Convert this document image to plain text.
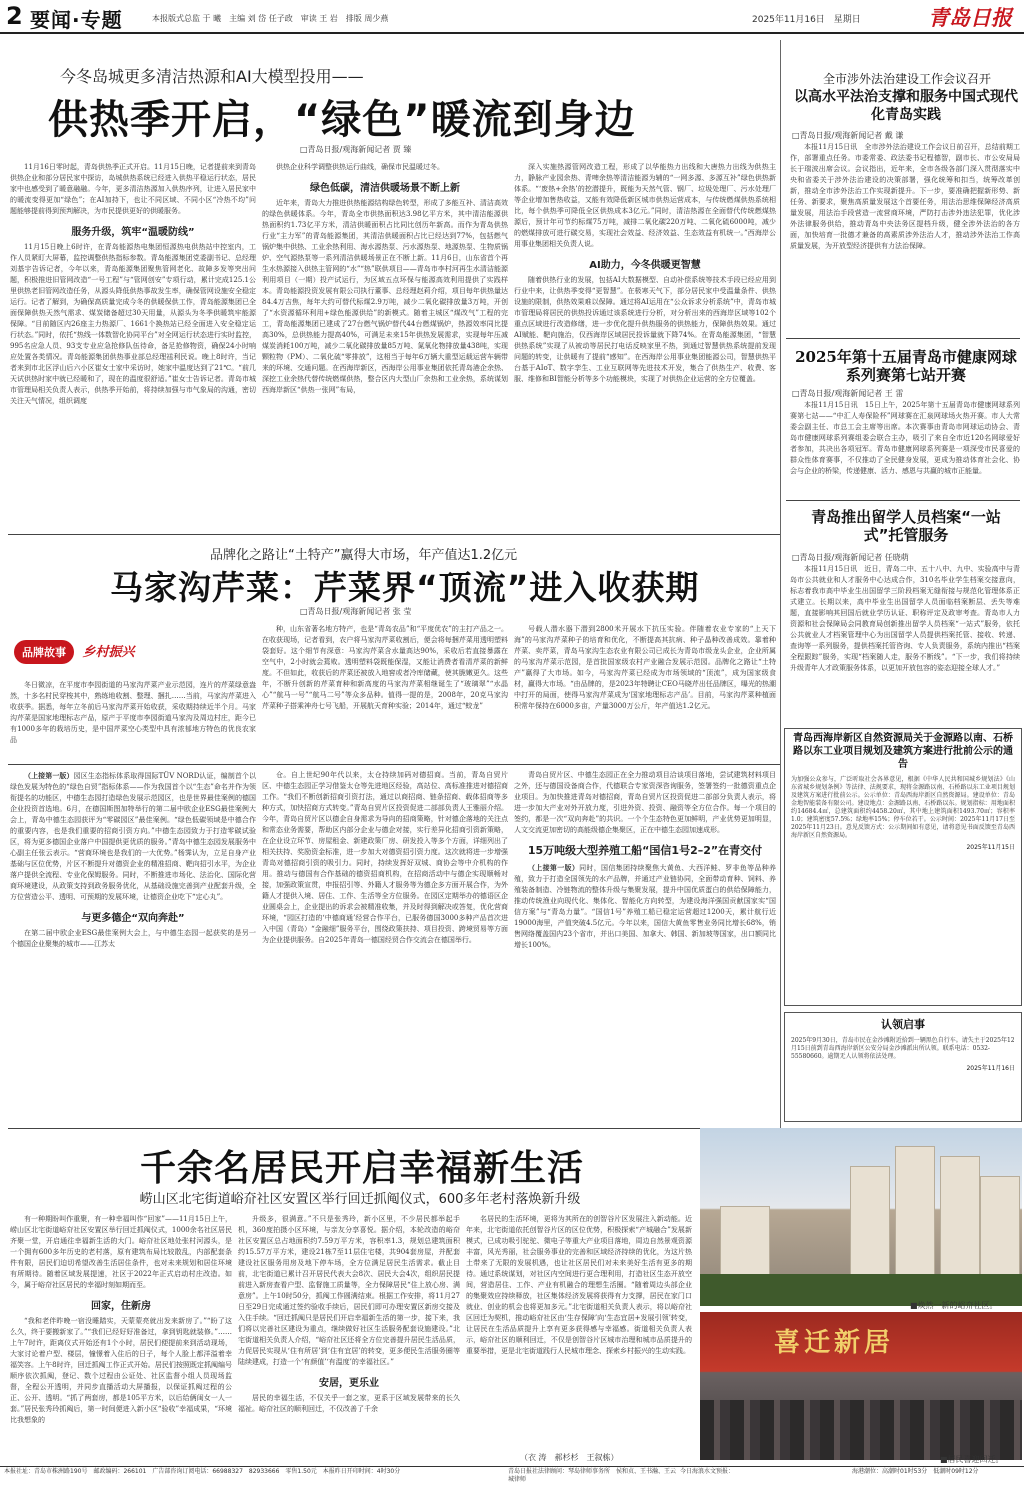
2 要闻·专题	本报版式总监 于 曦　主编 刘 岱 任子政　审读 王 岩　排版 周少燕	2025年11月16日　星期日	青岛日报
今冬岛城更多清洁热源和AI大模型投用——
供热季开启，“绿色”暖流到身边
□青岛日报/观海新闻记者 贾 臻

11月16日零时起，青岛供热季正式开启。11月15日晚，记者提前来到青岛供热企业和部分居民家中探访，岛城供热系统已经进入供热平稳运行状态，居民家中也感受到了暖意融融。今年，更多清洁热源加入供热序列，让进入居民家中的暖流变得更加“绿色”；在AI加持下，也让不同区域、不同小区“冷热不均”问题能够提前得到预判解决，为市民提供更好的供暖服务。

服务升级，筑牢“温暖防线”

11月15日晚上6时许，在青岛能源热电集团恒源热电供热站中控室内，工作人员紧盯大屏幕，监控调整供热指标参数。青岛能源集团党委副书记、总经理刘基宇告诉记者，今年以来，青岛能源集团聚焦管网老化、故障多发等突出问题，积极推进旧管网改造“一号工程”与“管网创安”专项行动，累计完成125.1公里供热老旧管网改造任务，从源头降低供热事故发生率，确保管网设施安全稳定运行。记者了解到，为确保高质量完成今冬的供暖保供工作，青岛能源集团已全面保障供热天然气需求、煤炭储备超过30天用量，从源头为冬季供暖筑牢能源保障。“目前随区内26座主力热源厂、1661个换热站已经全面进入安全稳定运行状态。”同时，依托“热线一体数智化协同平台”对全网运行状态进行实时监控，995名应急人员、93支专业应急抢修队伍待命，备足抢修物资，确保24小时响应处置各类情况。青岛能源集团供热事业部总经理禚利民说。晚上8时许，当记者来到市北区浮山后六小区崔女士家中采访时，她家中温度达到了21℃。“前几天试供热时家中就已经暖和了，现在的温度很舒适。”崔女士告诉记者。青岛市城市管理局相关负责人表示，供热季开始前，将持续加强与市气象局的沟通，密切关注天气情况，组织调度

供热企业科学调整供热运行曲线，确保市民温暖过冬。

绿色低碳，清洁供暖场景不断上新

近年来，青岛大力推进供热能源结构绿色转型，形成了多能互补、清洁高效的绿色供暖体系。今年，青岛全市供热面积达3.98亿平方米，其中清洁能源供热面积约1.73亿平方米，清洁供暖面积占比同比创历年新高。而作为青岛供热行业“主力军”的青岛能源集团，其清洁供暖面积占比已经达到77%，包括燃气锅炉集中供热、工业余热利用、海水源热泵、污水源热泵、地源热泵、生物质锅炉、空气源热泵等一系列清洁供暖场景正在不断上新。11月6日，山东省首个再生水热源接入供热主管网的“水”“热”联供项目——青岛市李村河再生水清洁能源利用项目（一期）投产试运行，为区域五点环保与能源高效利用提供了实践样本。青岛能源投资发展有限公司执行董事、总经理赵莉介绍，项目每年供热量达84.4万吉焦，每年大约可替代标煤2.9万吨，减少二氧化碳排放量3万吨，开创了“水资源循环利用+绿色能源供给”的新模式。随着主城区“煤改气”工程的完工，青岛能源集团已建成了27台燃气锅炉替代44台燃煤锅炉，热源效率同比提高30%，总供热能力提高40%，可满足未来15年供热发展需求，实现每年压减煤炭消耗100万吨，减少二氧化碳排放量85万吨、氮氧化物排放量438吨，实现颗粒物（PM）、二氧化硫“零排放”，这相当于每年6万辆大重型运载运营车辆带来的环境、交通问题。在西海岸新区，西海岸公用事业集团依托青岛港企余热、深挖工业余热代替传统燃煤供热，整合区内大型山厂余热和工业余热，系统谋划西海岸新区“供热一张网”布局，

深入实施热源管网改造工程，形成了以华能热力出线和大唐热力出线为供热主力，静脉产业园余热、青啤余热等清洁能源为辅的“一网多源、多源互补”绿色供热新体系。“‘废热+余热’的挖潜提升，既能为天然气管、钢厂、垃圾处理厂、污水处理厂等企业增加售热收益，又能有效降低新区城市供热运营成本，与传统燃煤供热系统相比，每个供热季可降低全区供热成本3亿元。”同时，清洁热源在全面替代传统燃煤热源后，预计年可节约标煤75万吨，减排二氧化碳220万吨、二氧化硫6000吨，减少的燃煤排放可进行碳交易，实现社会效益、经济效益、生态效益有机统一。”西海岸公用事业集团相关负责人说。

AI助力，今冬供暖更智慧

随着供热行业的发展，包括AI大数据模型、自动补偿系统等技术手段已经应用到行业中来，让供热季变得“更智慧”。在极寒天气下，部分居民家中受温量条件、供热设施的限制，供热效果难以保障。通过将AI运用在“公众诉求分析系统”中，青岛市城市管理局将居民的供热投诉通过该系统进行分析，对分析出来的西海岸区域等102个重点区域进行改造修缮，进一步优化提升供热服务的供热能力，保障供热效果。通过AI赋能、靶向施治，仅西海岸区域居民投诉量就下降74%。在青岛能源集团，“智慧供热系统”实现了从被动等居民打电话反映家里不热，到通过智慧供热系统提前发现问题的转变，让供暖有了提前“感知”。在西海岸公用事业集团能源公司，智慧供热平台基于AIoT、数字孪生、工业互联网等先进技术开发，集合了供热生产、收费、客服、维修和BI智能分析等多个功能模块，实现了对供热企业运营的全方位覆盖。

品牌化之路让“土特产”赢得大市场，年产值达1.2亿元
马家沟芹菜：芹菜界“顶流”进入收获期
□青岛日报/观海新闻记者 张 莹
品牌故事 乡村振兴

冬日微凉，在平度市李园街道的马家沟芹菜产业示范园，连片的芹菜绿意盎然，十多名村民穿梭其中，熟练地收割、整理、捆扎……当前，马家沟芹菜进入收获季。据悉，每年立冬前后马家沟芹菜开始收获，采收期持续近半个月。马家沟芹菜是国家地理标志产品，原产于平度市李园街道马家沟及周边村庄，距今已有1000多年的栽培历史，是中国芹菜空心类型中具有浓郁地方特色的优良农家品

种，山东省著名地方特产，也是“青岛农品”和“平度优农”的主打产品之一。在收获现场，记者看到，农户将马家沟芹菜收割后，便会将每捆芹菜用透明塑料袋套好。这个细节有深意：马家沟芹菜含水量高达90%，采收后若直接暴露在空气中，2小时就会蔫败。透明塑料袋既能保湿，又能让消费者看清芹菜的新鲜度。不但如此，收获后的芹菜还被放入地窖或者冷库储藏，使其脆嫩更久。这些年，不断升创新的芹菜育种和新高度的马家沟芹菜相继诞生了“玻璃翠”“水晶心”“航马一号”“航马二号”等众多品种。值得一提的是，2008年，20克马家沟芹菜种子搭乘神舟七号飞船，开展航天育种实验；2014年，通过“蛟龙”

号载人潜水器下潜到2800米开展水下抗压实验。伴随着农业专家的“上天下海”的马家沟芹菜种子的培育和优化，不断提高其抗病、种子晶种改善成效。靠着种芹菜、卖芹菜，青岛马家沟生态农业有限公司已成长为青岛市级龙头企业，企业所属的马家沟芹菜示范园，是首批国家级农村产业融合发展示范园。品牌化之路让“土特产”赢得了大市场。如今，马家沟芹菜已经成为市场领域的“顶流”，成为国家级食材，赢得大市场。“由品牌的，是2023年特聘让CEO马晓芹出任品牌区，曝光的热潮中打开的局面，使得马家沟芹菜成为‘国家地理标志产品’。目前，马家沟芹菜种植面积常年保持在6000多亩，产量3000万公斤，年产值达1.2亿元。

（上接第一版）园区生态指标体系取得国际TÜV NORD认证，编制首个以绿色发展为特色的“绿色自贸”指标体系——作为我国首个以“生态”命名并作为领衔提名的功能区，中德生态园打造绿色发展示范园区，也是世界最佳案例的德国企业投资首选地。6月，在德国斯图加特举行的第二届中欧企业ESG最佳案例大会上，青岛中德生态园获评为“零碳园区”最佳案例。“绿色低碳领域是中德合作的重要内容，也是我们重要的招商引资方向。”中德生态园致力于打造零碳试验区，将为更多德国企业落户中国提供更优质的服务。”青岛中德生态园发展服务中心副主任张云表示。“营商环境也是我们的一大优势。”杨霁认为，立足自身产业基础与区位优势，片区不断提升对德资企业的精准招商、靶向招引水平，为企业落户提供全流程、专业化保姆服务。同时，不断推进市场化、法治化、国际化营商环境建设，从政策支持到政务服务优化，从基础设施完善到产业配套升级，全方位营造公平、透明、可预期的发展环境，让德资企业吃下“定心丸”。

与更多德企“双向奔赴”

在第二届中欧企业ESG最佳案例大会上，与中德生态园一起获奖的是另一个德国企业聚集的城市——江苏太

仓。自上世纪90年代以来，太仓持续加码对德招商。当前，青岛自贸片区、中德生态园正学习借鉴太仓等先进地区经验，高站位、高标准推进对德招商工作。“我们不断创新招商引资打法，通过以商招商、链条招商、载体招商等多种方式，加快招商方式转变。”青岛自贸片区投资促进二部部负责人王雅丽介绍。今年，青岛自贸片区以德企自身需求为导向的招商策略，针对德企落地的关注点和常态业务需要，帮助区内部分企业与德企对接，实行差异化招商引资新策略，在企业设立环节、房屋租金、新建政策厂房、研发投入等多个方面，详细列出了相关扶持、奖励资金标准，进一步加大对德资招引资力度。这次就将进一步增强青岛对德招商引资的吸引力。同时，持续发挥好双城、商协会等中介机构的作用。推动与德国有合作基础的德资招商机构，在招商活动中与德企实现顺畅对接，加强政策宣贯，申报招引等、外籍人才服务等为德企多方面开展合作，为外籍人才提供入境、居住、工作、生活等全方位服务。在园区定期举办的德语区企业圆桌会上，企业提出的诉求会被精准收集，并及时得到解决或答复，优化营商环境，“园区打造的‘中德商通’经营合作平台，已服务德国3000多种产品首次进入中国（青岛）“金融细”服务平台，围绕政策扶持、项目投资、跨境贸易等方面为企业提供服务。自2025年青岛一德国经贸合作交流会在德国举行。

青岛自贸片区、中德生态园正在全力推动项目洽谈项目落地，尝试建筑材料项目之外，还与德国设备商合作，代德联合专家资深咨询服务，签署签约一批德资重点企业项目。为加快推进青岛对德招商，青岛自贸片区投资促进二部部分负责人表示，将进一步加大产业对外开放力度，引进外资、投资、融资等全方位合作。每一个项目的签约，都是一次“双向奔赴”的共识。一个个生态特色更加鲜明，产业优势更加明显，人文交流更加密切的高能级德企集聚区，正在中德生态园加速成形。

15万吨级大型养殖工船“国信1号2–2”在青交付

（上接第一版）同时，国信集团持续聚焦大黄鱼、大西洋鲑、罗非鱼等品种养殖，致力于打造全国领先的水产品牌，并通过产业链协同，全面带动育种、饲料、养殖装备制造、冷链物流的整体升级与集聚发展，提升中国优质蛋白的供给保障能力，推动传统渔业向现代化、集体化、智能化方向转型，为建设海洋强国贡献国家实“国信方案”与“青岛力量”。“国信1号”养殖工船已稳定运营超过1200天，累计航行近19000海里，产值突破4.5亿元。今年以来，国信大黄鱼零售业务同比增长68%，销售网络覆盖国内23个省市，并出口美国、加拿大、韩国、新加坡等国家，出口额同比增长100%。

千余名居民开启幸福新生活
崂山区北宅街道峪夼社区安置区举行回迁抓阄仪式，600多年老村落焕新升级

有一种期盼叫作重聚，有一种幸福叫作“回家”——11月15日上午，崂山区北宅街道峪夼社区安置区举行回迁抓阄仪式，1000余名社区居民齐聚一堂，开启通往幸福新生活的大门。峪夼社区地处张村河源头，是一个拥有600多年历史的老村落，原有建筑布局比较散乱，内部配套条件有限，居民们迫切希望改善生活居住条件，也对未来规划和居住环境有所期待。随着区域发展提速，社区于2022年正式启动村庄改造。如今，属于峪夼社区居民的幸福时刻如期而至。

回家，住新房

“我和老伴昨晚一宿没睡踏实，天蒙蒙亮就出发来新房了。”“盼了这么久，终于要搬新家了。”“我们已经好好准备过，拿到钥匙就装修。”……上午7时许，距离仪式开始还有1个小时，居民们便提前来到活动现场，大家讨论着户型、楼层，憧憬着入住后的日子，每个人脸上都洋溢着幸福笑容。上午8时许，回迁抓阄工作正式开始。居民们按照既定抓阄编号顺序依次抓阄，登记、数个过程由公证处、社区监督小组人员现场监督，全程公开透明，并同步直播活动大屏播报，以保证抓阄过程的公正、公开、透明。“抓了两套房，都是105平方米，以后给俩闺女一人一套。”居民张秀玲抓阄后，第一时间便进入新小区“验收”幸福成果，“环境比我想象的

升级多，很满意。”不只是张秀玲，新小区里，不少居民都举起手机，360度拍摄小区环境，与亲友分享喜悦。据介绍，本轮改造的峪夼社区安置区总占地面积约7.59万平方米，容积率1.3，规划总建筑面积约15.57万平方米，建设21栋7至11层住宅楼，共904套房屋，并配套建设社区服务用房及地下停车场，全方位满足居民生活需求。截止目前，北宅街道已累计召开居民代表大会8次、居民大会4次，组织居民提前进入新房查看户型、监督施工质量等，全力保障居民“住上放心房、满意房”。上午10时50分，抓阄工作圆满结束。根据工作安排，将11月27日至29日完成通过签约验收手续后，居民们即可办理安置区新房交接及入住手续。“回迁抓阄只是居民们开启幸福新生活的第一步，接下来，我们将以完善社区建设为重点，继续做好社区生活服务配套设施建设。”北宅街道相关负责人介绍，“峪夼社区还将全方位完善提升居民生活品质，力促居民实现从‘住有所居’到‘住有宜居’的转变，更多便民生活服务圈等陆续建成，打造一个‘有颜值’‘有温度’的幸福社区。”

安居，更乐业

居民的幸福生活，不仅关乎一套之家，更系于区域发展带来的长久福祉。峪夼社区的顺利回迁，不仅改善了千余

名居民的生活环境，更将为其所在的创智谷片区发展注入新动能。近年来，北宅街道依托创智谷片区的区位优势，积极探索“产城融合”发展新模式，已成功吸引驼驼、微电子等重大产业项目落地，周边自然景观资源丰富，风光秀丽，社会服务事业的完善和区域经济持续的优化，为这片热土带来了无限的发展机遇，也让社区居民们对未来美好生活有更多的期待。通过系统谋划，对社区内空间进行更合理利用，打造社区生态开放空间，营造居住、工作、产业有机融合的理想生活圈。“随着周边头部企业的集聚效应持续释放，社区集体经济发展将获得有力支撑，居民在家门口就业、创业的机会也将更加多元。”北宅街道相关负责人表示，将以峪夼社区回迁为契机，推动峪夼社区由‘生存保障’向‘生态宜居+发展引领’转变，让居民在生活品质提升上享有更多获得感与幸福感。街道相关负责人表示，峪夼社区的顺利回迁，不仅是创智谷片区城市治理和城市品质提升的重要举措，更是北宅街道践行人民城市理念、探索乡村振兴的生动实践。

（衣 涛　郝杉杉　王叙栋）
■焕然一新的峪夼社区。
喜迁新居
■居民喜迎回迁。
全市涉外法治建设工作会议召开
以高水平法治支撑和服务中国式现代化青岛实践
□青岛日报/观海新闻记者 戴 谦

本报11月15日讯　全市涉外法治建设工作会议日前召开，总结前期工作，部署重点任务。市委常委、政法委书记程德智，副市长、市公安局局长于瑞波出席会议。会议指出，近年来，全市各级各部门深入贯彻落实中央和省委关于涉外法治建设的决策部署，强化统筹和扣当，统筹改革创新，推动全市涉外法治工作实现新提升。下一步，要准确把握新形势、新任务、新要求，聚焦高质量发展这个首要任务，用法治思维保障经济高质量发展，用法治手段营造一流营商环境，严防打击涉外违法犯罪，优化涉外法律服务供给，推动青岛中央法务区提档升级，健全涉外法治的各方面，加快培育一批德才兼备的高素质涉外法治人才，推动涉外法治工作高质量发展，为开放型经济提供有力法治保障。

2025年第十五届青岛市健康网球系列赛第七站开赛
□青岛日报/观海新闻记者 王 雷

本报11月15日讯　15日上午，2025年第十五届青岛市健康网球系列赛第七站——“中汇人寿保险杯”网球赛在汇泉网球场火热开赛。市人大常委会副主任、市总工会主席等出席。本次赛事由青岛市网球运动协会、青岛市健康网球系列赛组委会联合主办，吸引了来自全市近120名网球爱好者参加，共决出各项冠军。青岛市健康网球系列赛是一项深受市民喜爱的群众性体育赛事，不仅推动了全民健身发展，更成为推动体育社会化、协会与企业的桥梁，传递健康、活力、感恩与共赢的城市正能量。

青岛推出留学人员档案“一站式”托管服务
□青岛日报/观海新闻记者 任晓萌

本报11月15日讯　近日，青岛二中、五十八中、九中、实验高中与青岛市公共就业和人才服务中心达成合作，310名毕业学生档案交接意向，标志着我市高中毕业生出国留学三阶段档案无缝衔接与规范化管理体系正式建立。长期以来，高中毕业生出国留学人员面临档案断层、丢失等难题，直接影响其回国后就业学历认证、职称评定及政审考查。青岛市人力资源和社会保障局会同教育局创新推出留学人员档案“一站式”服务，依托公共就业人才档案管理中心为出国留学人员提供档案托管、接收、转递、查询等一系列服务，提供档案托管咨询、专人负责服务，系统内推出“档案全程跟踪”服务，实现“档案随人走，服务不断线”。“下一步，我们将持续升级青年人才政策服务体系，以更加开放包容的姿态迎接全球人才。”

青岛西海岸新区自然资源局关于金源路以南、石桥路以东工业项目规划及建筑方案进行批前公示的通告
为加强公众参与，广泛听取社会各界意见，根据《中华人民共和国城乡规划法》《山东省城乡规划条例》等法律、法规要求，现将金源路以南、石桥路以东工业项目规划及建筑方案进行批前公示。公示单位：青岛西海岸新区自然资源局。建设单位：青岛金地智能装备有限公司。建设地点：金源路以南、石桥路以东。规划指标：用地面积约14684.4㎡，总建筑面积约4458.20㎡，其中地上建筑面积1493.70㎡；容积率1.0；建筑密度57.5%；绿地率15%；停车位若干。公示时间：2025年11月17日至2025年11月23日。意见反馈方式：公示期间如有意见，请将意见书面反馈至青岛西海岸新区自然资源局。
2025年11月15日
认领启事
2025年9月30日，青岛市民在金沙滩附近拾到一辆黑色自行车。请失主于2025年12月15日前到青岛西海岸新区公安分局金沙滩派出所认领。联系电话：0532-55580660。逾期无人认领将依法处理。
2025年11月16日
本报社址：青岛市株洲路190号　邮政编码：266101　广告部咨询订阅电话：66988327　82933666　零售1.50元　本报昨日开印时间：4时30分	青岛日报社法律顾问：琴岛律师事务所　侯和贞、王书瀚、王云城律师
今日海浪水文预报：	海港潮位：高潮时01时53分　低潮时09时12分
